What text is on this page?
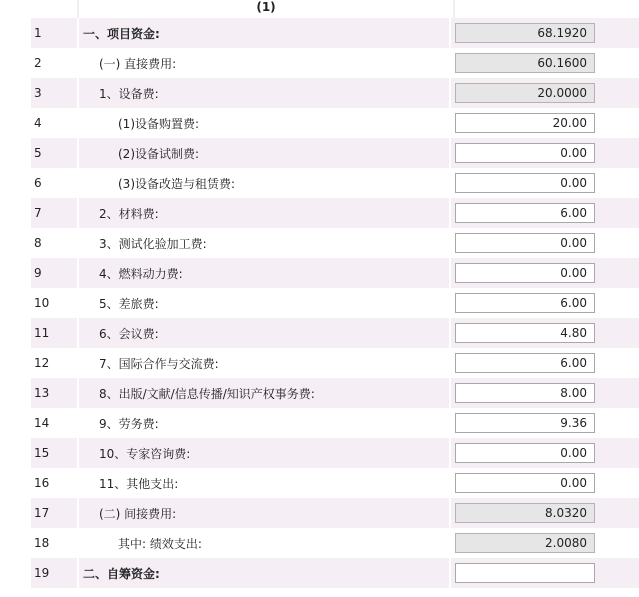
(1)
1	一、项目资金:	68.1920
2	(一) 直接费用:	60.1600
3	1、设备费:	20.0000
4	(1)设备购置费:	20.00
5	(2)设备试制费:	0.00
6	(3)设备改造与租赁费:	0.00
7	2、材料费:	6.00
8	3、测试化验加工费:	0.00
9	4、燃料动力费:	0.00
10	5、差旅费:	6.00
11	6、会议费:	4.80
12	7、国际合作与交流费:	6.00
13	8、出版/文献/信息传播/知识产权事务费:	8.00
14	9、劳务费:	9.36
15	10、专家咨询费:	0.00
16	11、其他支出:	0.00
17	(二) 间接费用:	8.0320
18	其中: 绩效支出:	2.0080
19	二、自筹资金:
